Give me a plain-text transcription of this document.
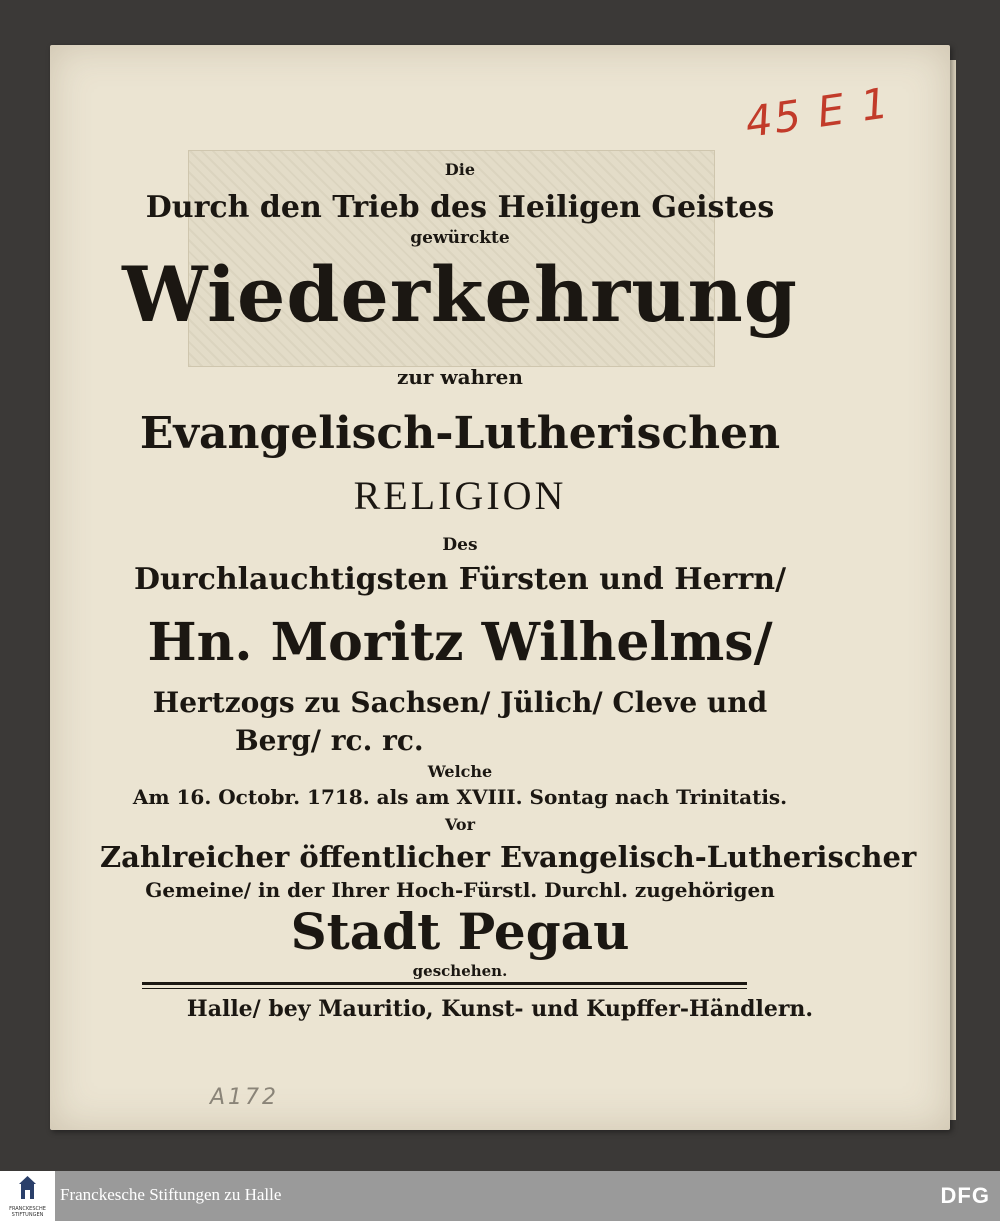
45 E 1
Die
Durch den Trieb des Heiligen Geistes
gewürckte
Wiederkehrung
zur wahren
Evangelisch-Lutherischen
RELIGION
Des
Durchlauchtigsten Fürsten und Herrn/
Hn. Moritz Wilhelms/
Hertzogs zu Sachsen/ Jülich/ Cleve und
Berg/ rc. rc.
Welche
Am 16. Octobr. 1718. als am XVIII. Sontag nach Trinitatis.
Vor
Zahlreicher öffentlicher Evangelisch-Lutherischer
Gemeine/ in der Ihrer Hoch-Fürstl. Durchl. zugehörigen
Stadt Pegau
geschehen.
Halle/ bey Mauritio, Kunst- und Kupffer-Händlern.
A172
FRANCKESCHE STIFTUNGEN
Franckesche Stiftungen zu Halle	DFG
